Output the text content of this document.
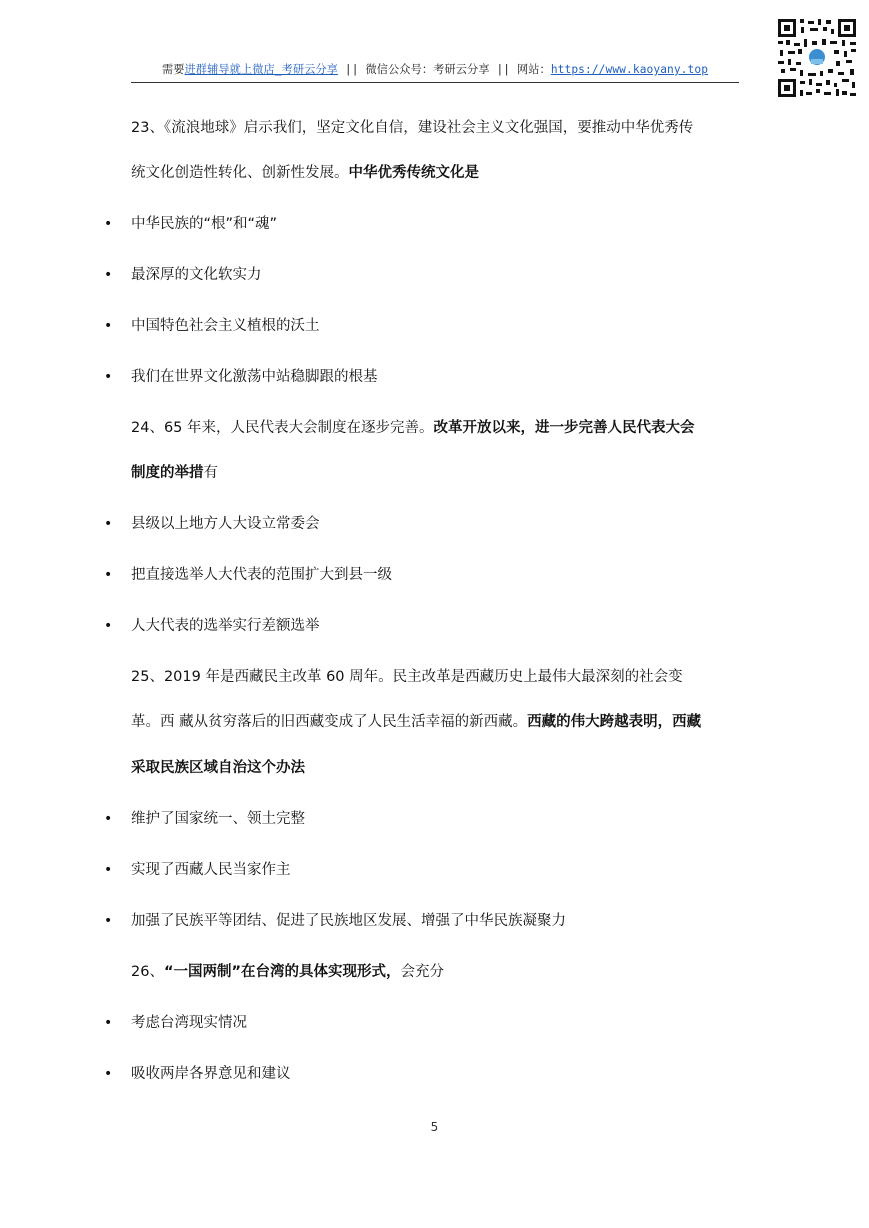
需要进群辅导就上微店_考研云分享 || 微信公众号：考研云分享 || 网站：https://www.kaoyany.top
23、《流浪地球》启示我们，坚定文化自信，建设社会主义文化强国，要推动中华优秀传
统文化创造性转化、创新性发展。中华优秀传统文化是
•
中华民族的“根”和“魂”
•
最深厚的文化软实力
•
中国特色社会主义植根的沃土
•
我们在世界文化激荡中站稳脚跟的根基
24、65 年来，人民代表大会制度在逐步完善。改革开放以来，进一步完善人民代表大会
制度的举措有
•
县级以上地方人大设立常委会
•
把直接选举人大代表的范围扩大到县一级
•
人大代表的选举实行差额选举
25、2019 年是西藏民主改革 60 周年。民主改革是西藏历史上最伟大最深刻的社会变
革。西 藏从贫穷落后的旧西藏变成了人民生活幸福的新西藏。西藏的伟大跨越表明，西藏
采取民族区域自治这个办法
•
维护了国家统一、领土完整
•
实现了西藏人民当家作主
•
加强了民族平等团结、促进了民族地区发展、增强了中华民族凝聚力
26、“一国两制”在台湾的具体实现形式，会充分
•
考虑台湾现实情况
•
吸收两岸各界意见和建议
5
